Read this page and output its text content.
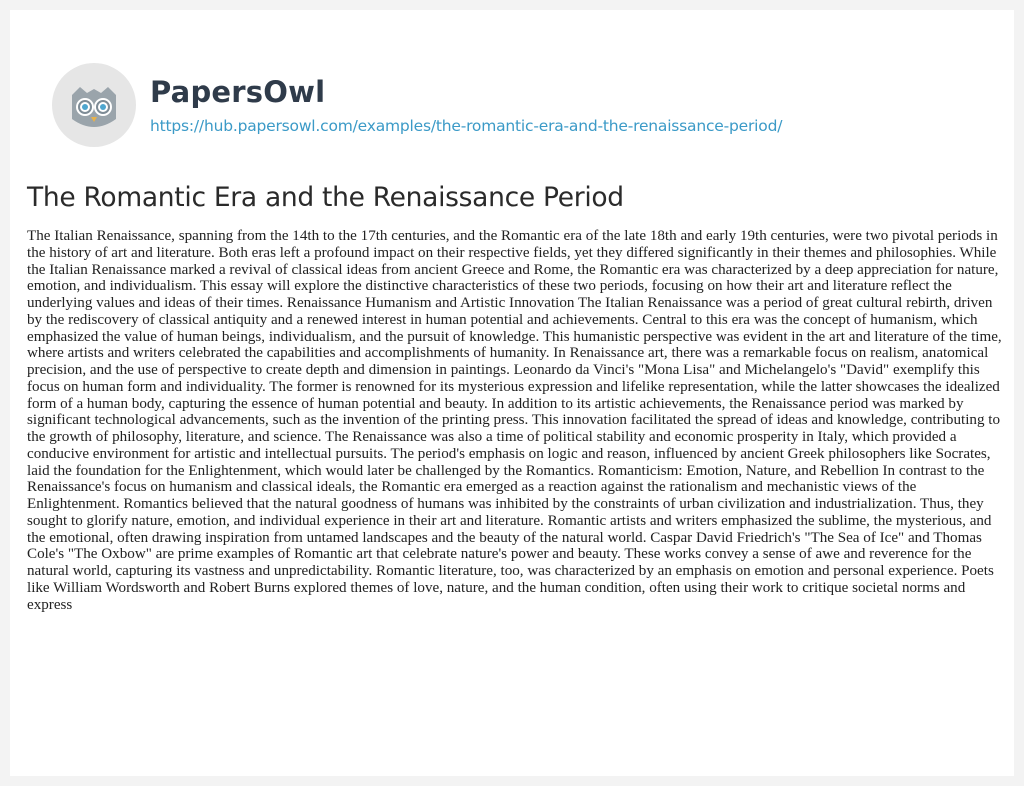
PapersOwl
https://hub.papersowl.com/examples/the-romantic-era-and-the-renaissance-period/
The Romantic Era and the Renaissance Period

The Italian Renaissance, spanning from the 14th to the 17th centuries, and the Romantic era of the late 18th and early 19th centuries, were two pivotal periods in the history of art and literature. Both eras left a profound impact on their respective fields, yet they differed significantly in their themes and philosophies. While the Italian Renaissance marked a revival of classical ideas from ancient Greece and Rome, the Romantic era was characterized by a deep appreciation for nature, emotion, and individualism. This essay will explore the distinctive characteristics of these two periods, focusing on how their art and literature reflect the underlying values and ideas of their times. Renaissance Humanism and Artistic Innovation The Italian Renaissance was a period of great cultural rebirth, driven by the rediscovery of classical antiquity and a renewed interest in human potential and achievements. Central to this era was the concept of humanism, which emphasized the value of human beings, individualism, and the pursuit of knowledge. This humanistic perspective was evident in the art and literature of the time, where artists and writers celebrated the capabilities and accomplishments of humanity. In Renaissance art, there was a remarkable focus on realism, anatomical precision, and the use of perspective to create depth and dimension in paintings. Leonardo da Vinci's "Mona Lisa" and Michelangelo's "David" exemplify this focus on human form and individuality. The former is renowned for its mysterious expression and lifelike representation, while the latter showcases the idealized form of a human body, capturing the essence of human potential and beauty. In addition to its artistic achievements, the Renaissance period was marked by significant technological advancements, such as the invention of the printing press. This innovation facilitated the spread of ideas and knowledge, contributing to the growth of philosophy, literature, and science. The Renaissance was also a time of political stability and economic prosperity in Italy, which provided a conducive environment for artistic and intellectual pursuits. The period's emphasis on logic and reason, influenced by ancient Greek philosophers like Socrates, laid the foundation for the Enlightenment, which would later be challenged by the Romantics. Romanticism: Emotion, Nature, and Rebellion In contrast to the Renaissance's focus on humanism and classical ideals, the Romantic era emerged as a reaction against the rationalism and mechanistic views of the Enlightenment. Romantics believed that the natural goodness of humans was inhibited by the constraints of urban civilization and industrialization. Thus, they sought to glorify nature, emotion, and individual experience in their art and literature. Romantic artists and writers emphasized the sublime, the mysterious, and the emotional, often drawing inspiration from untamed landscapes and the beauty of the natural world. Caspar David Friedrich's "The Sea of Ice" and Thomas Cole's "The Oxbow" are prime examples of Romantic art that celebrate nature's power and beauty. These works convey a sense of awe and reverence for the natural world, capturing its vastness and unpredictability. Romantic literature, too, was characterized by an emphasis on emotion and personal experience. Poets like William Wordsworth and Robert Burns explored themes of love, nature, and the human condition, often using their work to critique societal norms and express
